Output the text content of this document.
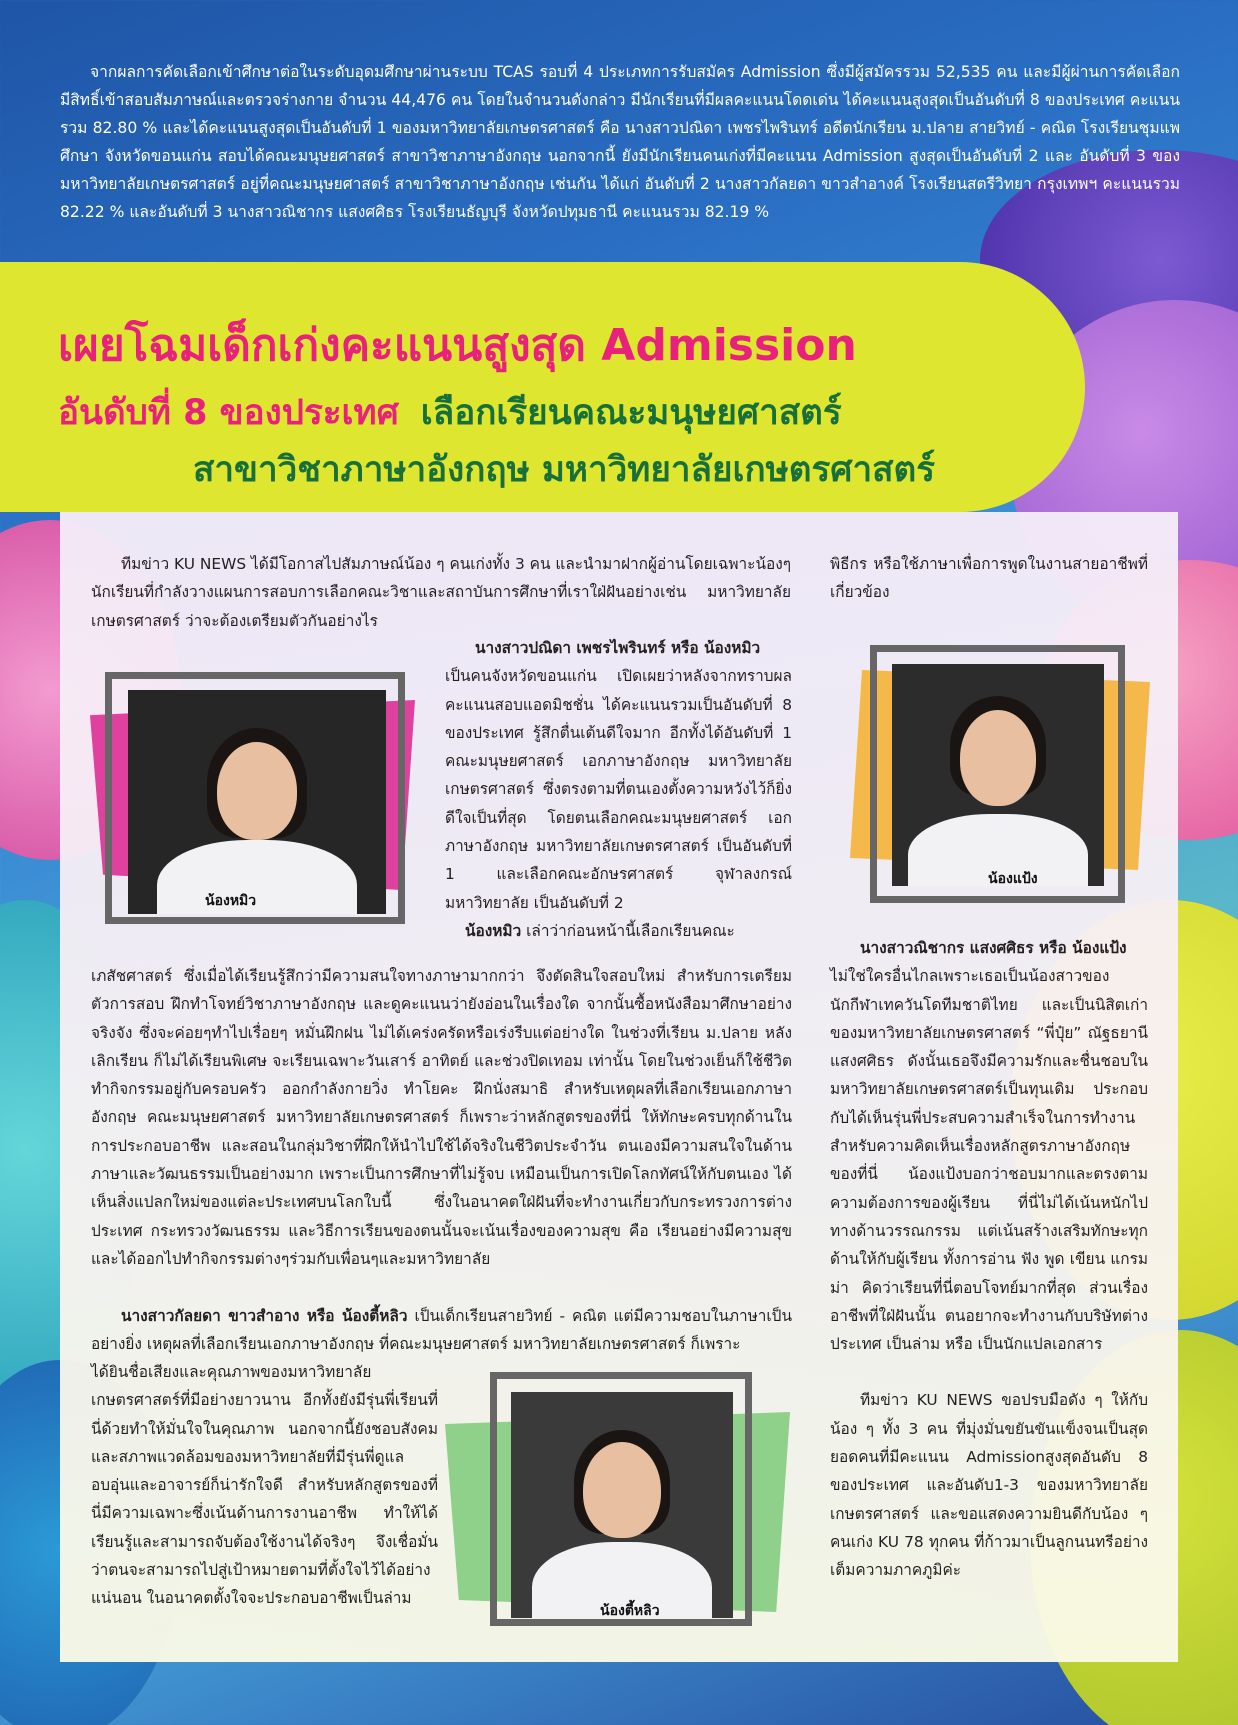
จากผลการคัดเลือกเข้าศึกษาต่อในระดับอุดมศึกษาผ่านระบบ TCAS รอบที่ 4 ประเภทการรับสมัคร Admission ซึ่งมีผู้สมัครรวม 52,535 คน และมีผู้ผ่านการคัดเลือกมีสิทธิ์เข้าสอบสัมภาษณ์และตรวจร่างกาย จำนวน 44,476 คน โดยในจำนวนดังกล่าว มีนักเรียนที่มีผลคะแนนโดดเด่น ได้คะแนนสูงสุดเป็นอันดับที่ 8 ของประเทศ คะแนนรวม 82.80 % และได้คะแนนสูงสุดเป็นอันดับที่ 1 ของมหาวิทยาลัยเกษตรศาสตร์ คือ นางสาวปณิดา เพชรไพรินทร์ อดีตนักเรียน ม.ปลาย สายวิทย์ - คณิต โรงเรียนชุมแพศึกษา จังหวัดขอนแก่น สอบได้คณะมนุษยศาสตร์ สาขาวิชาภาษาอังกฤษ นอกจากนี้ ยังมีนักเรียนคนเก่งที่มีคะแนน Admission สูงสุดเป็นอันดับที่ 2 และ อันดับที่ 3 ของมหาวิทยาลัยเกษตรศาสตร์ อยู่ที่คณะมนุษยศาสตร์ สาขาวิชาภาษาอังกฤษ เช่นกัน ได้แก่ อันดับที่ 2 นางสาวกัลยดา ขาวสำอางค์ โรงเรียนสตรีวิทยา กรุงเทพฯ คะแนนรวม 82.22 % และอันดับที่ 3 นางสาวณิชากร แสงศศิธร โรงเรียนธัญบุรี จังหวัดปทุมธานี คะแนนรวม 82.19 %

เผยโฉมเด็กเก่งคะแนนสูงสุด Admission
อันดับที่ 8 ของประเทศ เลือกเรียนคณะมนุษยศาสตร์
สาขาวิชาภาษาอังกฤษ มหาวิทยาลัยเกษตรศาสตร์

ทีมข่าว KU NEWS ได้มีโอกาสไปสัมภาษณ์น้อง ๆ คนเก่งทั้ง 3 คน และนำมาฝากผู้อ่านโดยเฉพาะน้องๆนักเรียนที่กำลังวางแผนการสอบการเลือกคณะวิชาและสถาบันการศึกษาที่เราใฝ่ฝันอย่างเช่น มหาวิทยาลัยเกษตรศาสตร์ ว่าจะต้องเตรียมตัวกันอย่างไร

น้องหมิว

นางสาวปณิดา เพชรไพรินทร์ หรือ น้องหมิว

เป็นคนจังหวัดขอนแก่น เปิดเผยว่าหลังจากทราบผลคะแนนสอบแอดมิชชั่น ได้คะแนนรวมเป็นอันดับที่ 8 ของประเทศ รู้สึกตื่นเต้นดีใจมาก อีกทั้งได้อันดับที่ 1 คณะมนุษยศาสตร์ เอกภาษาอังกฤษ มหาวิทยาลัยเกษตรศาสตร์ ซึ่งตรงตามที่ตนเองตั้งความหวังไว้ก็ยิ่งดีใจเป็นที่สุด โดยตนเลือกคณะมนุษยศาสตร์ เอกภาษาอังกฤษ มหาวิทยาลัยเกษตรศาสตร์ เป็นอันดับที่ 1 และเลือกคณะอักษรศาสตร์ จุฬาลงกรณ์มหาวิทยาลัย เป็นอันดับที่ 2

น้องหมิว เล่าว่าก่อนหน้านี้เลือกเรียนคณะ

เภสัชศาสตร์ ซึ่งเมื่อได้เรียนรู้สึกว่ามีความสนใจทางภาษามากกว่า จึงตัดสินใจสอบใหม่ สำหรับการเตรียมตัวการสอบ ฝึกทำโจทย์วิชาภาษาอังกฤษ และดูคะแนนว่ายังอ่อนในเรื่องใด จากนั้นซื้อหนังสือมาศึกษาอย่างจริงจัง ซึ่งจะค่อยๆทำไปเรื่อยๆ หมั่นฝึกฝน ไม่ได้เคร่งครัดหรือเร่งรีบแต่อย่างใด ในช่วงที่เรียน ม.ปลาย หลังเลิกเรียน ก็ไม่ได้เรียนพิเศษ จะเรียนเฉพาะวันเสาร์ อาทิตย์ และช่วงปิดเทอม เท่านั้น โดยในช่วงเย็นก็ใช้ชีวิตทำกิจกรรมอยู่กับครอบครัว ออกกำลังกายวิ่ง ทำโยคะ ฝึกนั่งสมาธิ สำหรับเหตุผลที่เลือกเรียนเอกภาษาอังกฤษ คณะมนุษยศาสตร์ มหาวิทยาลัยเกษตรศาสตร์ ก็เพราะว่าหลักสูตรของที่นี่ ให้ทักษะครบทุกด้านในการประกอบอาชีพ และสอนในกลุ่มวิชาที่ฝึกให้นำไปใช้ได้จริงในชีวิตประจำวัน ตนเองมีความสนใจในด้านภาษาและวัฒนธรรมเป็นอย่างมาก เพราะเป็นการศึกษาที่ไม่รู้จบ เหมือนเป็นการเปิดโลกทัศน์ให้กับตนเอง ได้เห็นสิ่งแปลกใหม่ของแต่ละประเทศบนโลกใบนี้ ซึ่งในอนาคตใฝ่ฝันที่จะทำงานเกี่ยวกับกระทรวงการต่างประเทศ กระทรวงวัฒนธรรม และวิธีการเรียนของตนนั้นจะเน้นเรื่องของความสุข คือ เรียนอย่างมีความสุข และได้ออกไปทำกิจกรรมต่างๆร่วมกับเพื่อนๆและมหาวิทยาลัย

นางสาวกัลยดา ขาวสำอาง หรือ น้องตี้หลิว เป็นเด็กเรียนสายวิทย์ - คณิต แต่มีความชอบในภาษาเป็นอย่างยิ่ง เหตุผลที่เลือกเรียนเอกภาษาอังกฤษ ที่คณะมนุษยศาสตร์ มหาวิทยาลัยเกษตรศาสตร์ ก็เพราะ

ได้ยินชื่อเสียงและคุณภาพของมหาวิทยาลัยเกษตรศาสตร์ที่มีอย่างยาวนาน อีกทั้งยังมีรุ่นพี่เรียนที่นี่ด้วยทำให้มั่นใจในคุณภาพ นอกจากนี้ยังชอบสังคมและสภาพแวดล้อมของมหาวิทยาลัยที่มีรุ่นพี่ดูแลอบอุ่นและอาจารย์ก็น่ารักใจดี สำหรับหลักสูตรของที่นี่มีความเฉพาะซึ่งเน้นด้านการงานอาชีพ ทำให้ได้เรียนรู้และสามารถจับต้องใช้งานได้จริงๆ จึงเชื่อมั่นว่าตนจะสามารถไปสู่เป้าหมายตามที่ตั้งใจไว้ได้อย่างแน่นอน ในอนาคตตั้งใจจะประกอบอาชีพเป็นล่าม

น้องตี้หลิว

พิธีกร หรือใช้ภาษาเพื่อการพูดในงานสายอาชีพที่เกี่ยวข้อง

น้องแป้ง

นางสาวณิชากร แสงศศิธร หรือ น้องแป้ง

ไม่ใช่ใครอื่นไกลเพราะเธอเป็นน้องสาวของนักกีฬาเทควันโดทีมชาติไทย และเป็นนิสิตเก่าของมหาวิทยาลัยเกษตรศาสตร์ “พี่ปุ๋ย” ณัฐธยานี แสงศศิธร ดังนั้นเธอจึงมีความรักและชื่นชอบในมหาวิทยาลัยเกษตรศาสตร์เป็นทุนเดิม ประกอบกับได้เห็นรุ่นพี่ประสบความสำเร็จในการทำงาน สำหรับความคิดเห็นเรื่องหลักสูตรภาษาอังกฤษของที่นี่ น้องแป้งบอกว่าชอบมากและตรงตามความต้องการของผู้เรียน ที่นี่ไม่ได้เน้นหนักไปทางด้านวรรณกรรม แต่เน้นสร้างเสริมทักษะทุกด้านให้กับผู้เรียน ทั้งการอ่าน ฟัง พูด เขียน แกรมม่า คิดว่าเรียนที่นี่ตอบโจทย์มากที่สุด ส่วนเรื่องอาชีพที่ใฝ่ฝันนั้น ตนอยากจะทำงานกับบริษัทต่างประเทศ เป็นล่าม หรือ เป็นนักแปลเอกสาร

ทีมข่าว KU NEWS ขอปรบมือดัง ๆ ให้กับน้อง ๆ ทั้ง 3 คน ที่มุ่งมั่นขยันขันแข็งจนเป็นสุดยอดคนที่มีคะแนน Admissionสูงสุดอันดับ 8 ของประเทศ และอันดับ1-3 ของมหาวิทยาลัยเกษตรศาสตร์ และขอแสดงความยินดีกับน้อง ๆ คนเก่ง KU 78 ทุกคน ที่ก้าวมาเป็นลูกนนทรีอย่างเต็มความภาคภูมิค่ะ
